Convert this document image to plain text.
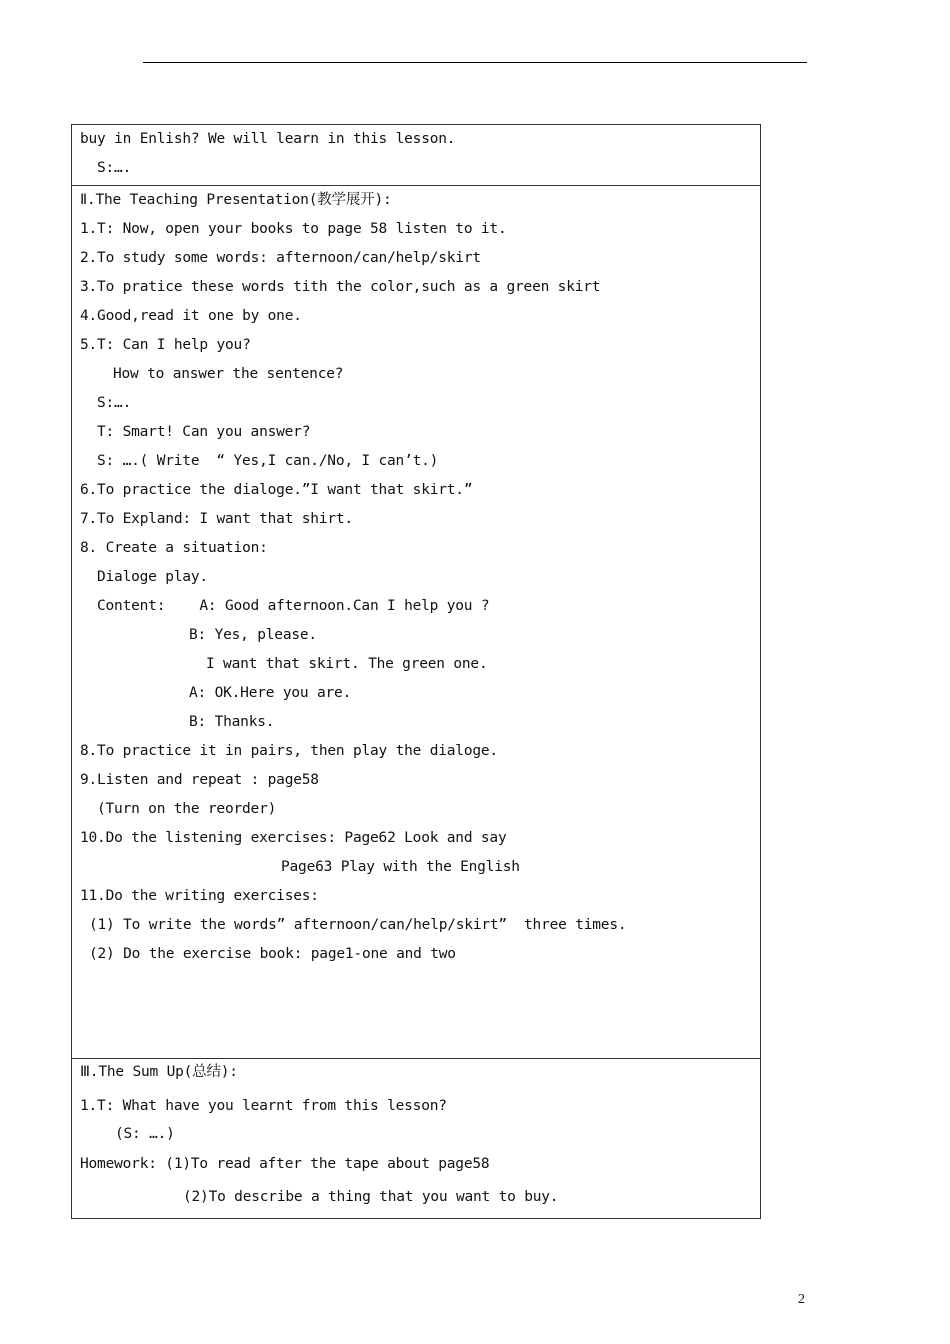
buy in Enlish? We will learn in this lesson.
S:….
Ⅱ.The Teaching Presentation(教学展开):
1.T: Now, open your books to page 58 listen to it.
2.To study some words: afternoon/can/help/skirt
3.To pratice these words tith the color,such as a green skirt
4.Good,read it one by one.
5.T: Can I help you?
How to answer the sentence?
S:….
T: Smart! Can you answer?
S: ….( Write  “ Yes,I can./No, I can’t.)
6.To practice the dialoge.”I want that skirt.”
7.To Expland: I want that shirt.
8. Create a situation:
Dialoge play.
Content:    A: Good afternoon.Can I help you ?
B: Yes, please.
I want that skirt. The green one.
A: OK.Here you are.
B: Thanks.
8.To practice it in pairs, then play the dialoge.
9.Listen and repeat : page58
(Turn on the reorder)
10.Do the listening exercises: Page62 Look and say
Page63 Play with the English
11.Do the writing exercises:
(1) To write the words” afternoon/can/help/skirt”  three times.
(2) Do the exercise book: page1-one and two
Ⅲ.The Sum Up(总结):
1.T: What have you learnt from this lesson?
(S: ….)
Homework: (1)To read after the tape about page58
(2)To describe a thing that you want to buy.
2
